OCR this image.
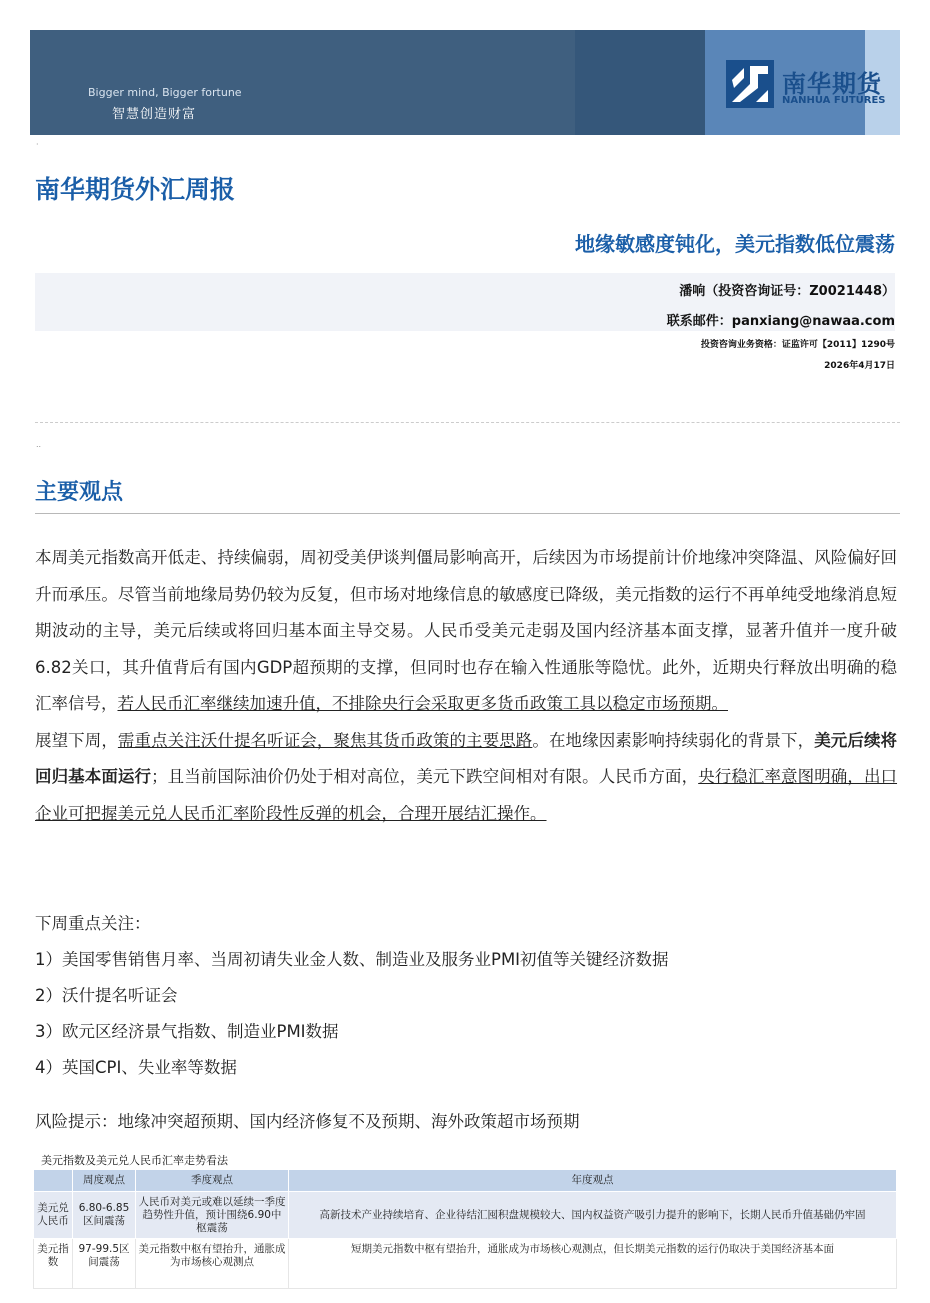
Bigger mind, Bigger fortune
智慧创造财富
南华期货
NANHUA FUTURES
·
南华期货外汇周报
地缘敏感度钝化，美元指数低位震荡
潘响（投资咨询证号：Z0021448）
联系邮件：panxiang@nawaa.com
投资咨询业务资格：证监许可【2011】1290号
2026年4月17日
..
主要观点

本周美元指数高开低走、持续偏弱，周初受美伊谈判僵局影响高开，后续因为市场提前计价地缘冲突降温、风险偏好回升而承压。尽管当前地缘局势仍较为反复，但市场对地缘信息的敏感度已降级，美元指数的运行不再单纯受地缘消息短期波动的主导，美元后续或将回归基本面主导交易。人民币受美元走弱及国内经济基本面支撑，显著升值并一度升破6.82关口，其升值背后有国内GDP超预期的支撑，但同时也存在输入性通胀等隐忧。此外，近期央行释放出明确的稳汇率信号，若人民币汇率继续加速升值，不排除央行会采取更多货币政策工具以稳定市场预期。

展望下周，需重点关注沃什提名听证会，聚焦其货币政策的主要思路。在地缘因素影响持续弱化的背景下，美元后续将回归基本面运行；且当前国际油价仍处于相对高位，美元下跌空间相对有限。人民币方面，央行稳汇率意图明确，出口企业可把握美元兑人民币汇率阶段性反弹的机会，合理开展结汇操作。

下周重点关注：
1）美国零售销售月率、当周初请失业金人数、制造业及服务业PMI初值等关键经济数据
2）沃什提名听证会
3）欧元区经济景气指数、制造业PMI数据
4）英国CPI、失业率等数据
风险提示：地缘冲突超预期、国内经济修复不及预期、海外政策超市场预期
美元指数及美元兑人民币汇率走势看法
	周度观点	季度观点	年度观点
美元兑人民币	6.80-6.85区间震荡	人民币对美元或难以延续一季度趋势性升值，预计围绕6.90中枢震荡	高新技术产业持续培育、企业待结汇囤积盘规模较大、国内权益资产吸引力提升的影响下，长期人民币升值基础仍牢固
美元指数	97-99.5区间震荡	美元指数中枢有望抬升，通胀成为市场核心观测点	短期美元指数中枢有望抬升，通胀成为市场核心观测点，但长期美元指数的运行仍取决于美国经济基本面
